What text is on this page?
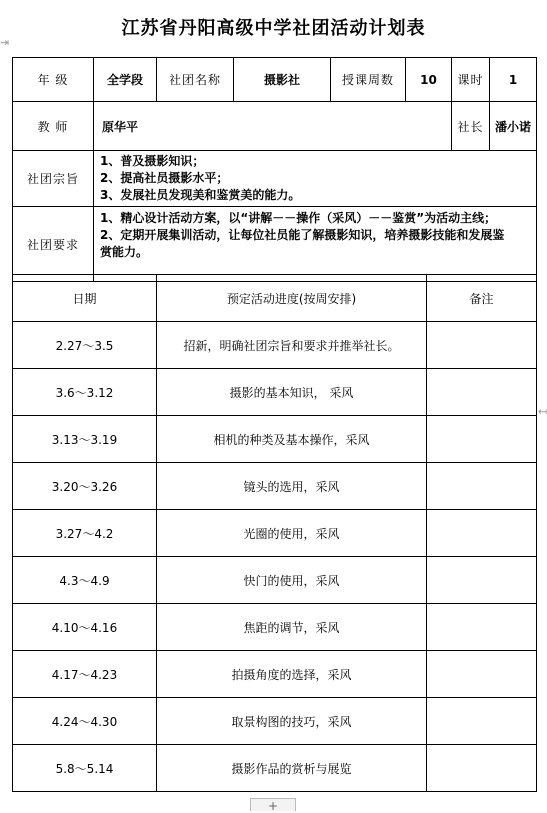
江苏省丹阳高级中学社团活动计划表
⇥
↤
年 级	全学段	社团名称	摄影社	授课周数	10	课时	1
教 师	原华平					社长	潘小诺
社团宗旨	1、普及摄影知识；
2、提高社员摄影水平；
3、发展社员发现美和鉴赏美的能力。						

社团要求	1、精心设计活动方案，以“讲解－－操作（采风）－－鉴赏”为活动主线；
2、定期开展集训活动，让每位社员能了解摄影知识，培养摄影技能和发展鉴
赏能力。						
日期	预定活动进度(按周安排)	备注
2.27～3.5	招新，明确社团宗旨和要求并推举社长。	
3.6～3.12	摄影的基本知识， 采风	
3.13～3.19	相机的种类及基本操作，采风	
3.20～3.26	镜头的选用，采风	
3.27～4.2	光圈的使用，采风	
4.3～4.9	快门的使用，采风	
4.10～4.16	焦距的调节，采风	
4.17～4.23	拍摄角度的选择，采风	
4.24～4.30	取景构图的技巧，采风	
5.8～5.14	摄影作品的赏析与展览	
+
